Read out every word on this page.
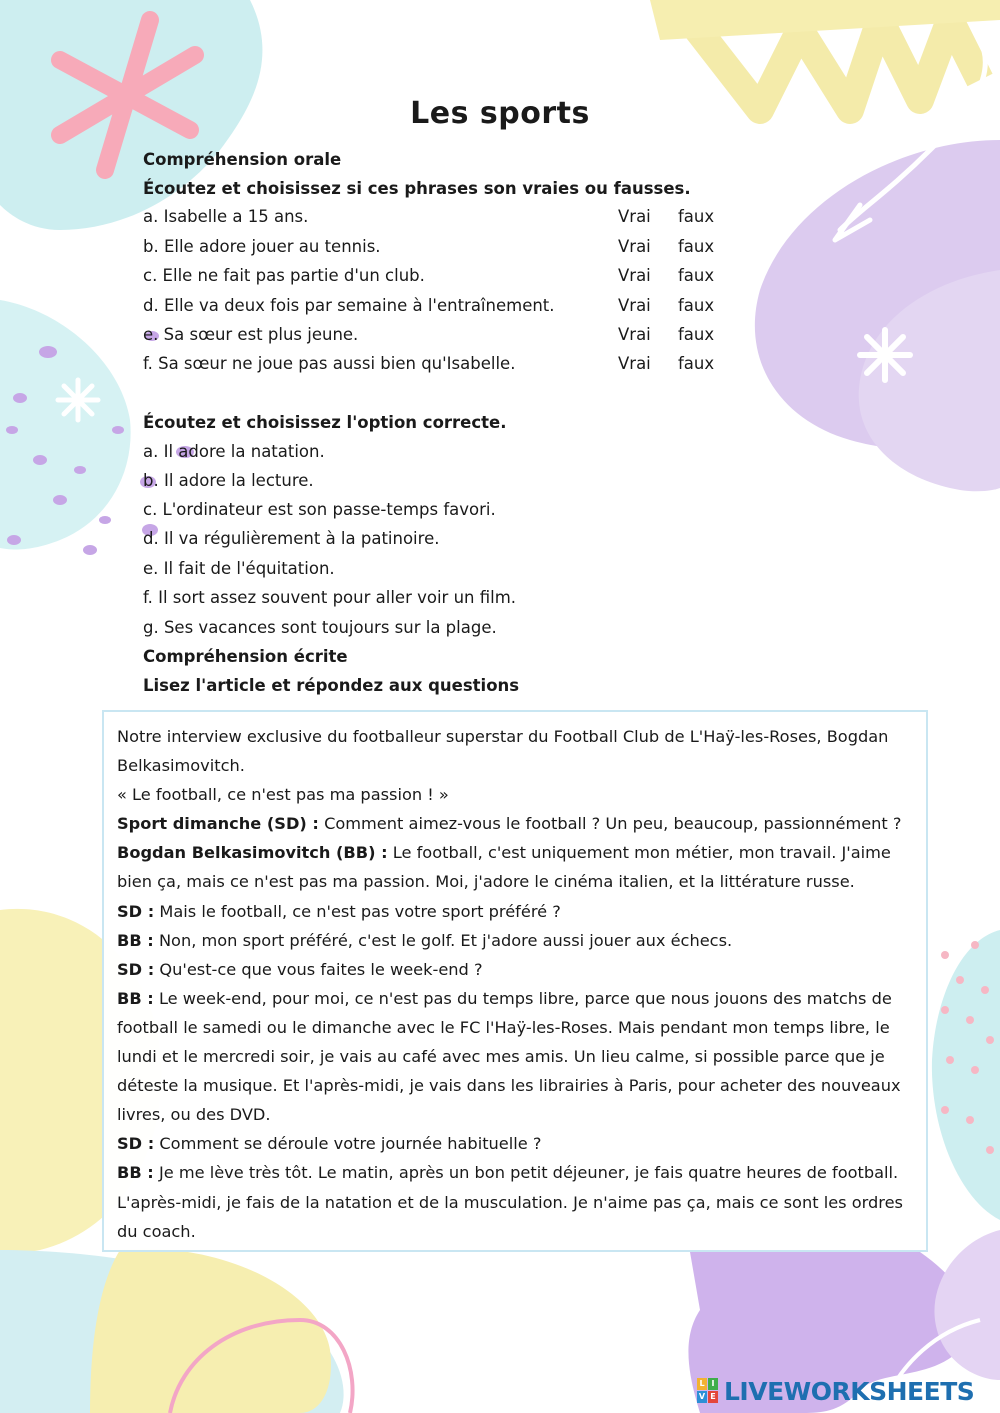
Les sports
Compréhension orale
Écoutez et choisissez si ces phrases son vraies ou fausses.
a. Isabelle a 15 ans.	Vrai faux
b. Elle adore jouer au tennis.	Vrai faux
c. Elle ne fait pas partie d'un club.	Vrai faux
d. Elle va deux fois par semaine à l'entraînement.	Vrai faux
e. Sa sœur est plus jeune.	Vrai faux
f. Sa sœur ne joue pas aussi bien qu'Isabelle.	Vrai faux
Écoutez et choisissez l'option correcte.
a. Il adore la natation.
b. Il adore la lecture.
c. L'ordinateur est son passe-temps favori.
d. Il va régulièrement à la patinoire.
e. Il fait de l'équitation.
f. Il sort assez souvent pour aller voir un film.
g. Ses vacances sont toujours sur la plage.
Compréhension écrite
Lisez l'article et répondez aux questions

Notre interview exclusive du footballeur superstar du Football Club de L'Haÿ-les-Roses, Bogdan Belkasimovitch.

« Le football, ce n'est pas ma passion ! »

Sport dimanche (SD) : Comment aimez-vous le football ? Un peu, beaucoup, passionnément ?

Bogdan Belkasimovitch (BB) : Le football, c'est uniquement mon métier, mon travail. J'aime bien ça, mais ce n'est pas ma passion. Moi, j'adore le cinéma italien, et la littérature russe.

SD : Mais le football, ce n'est pas votre sport préféré ?

BB : Non, mon sport préféré, c'est le golf. Et j'adore aussi jouer aux échecs.

SD : Qu'est-ce que vous faites le week-end ?

BB : Le week-end, pour moi, ce n'est pas du temps libre, parce que nous jouons des matchs de football le samedi ou le dimanche avec le FC l'Haÿ-les-Roses. Mais pendant mon temps libre, le lundi et le mercredi soir, je vais au café avec mes amis. Un lieu calme, si possible parce que je déteste la musique. Et l'après-midi, je vais dans les librairies à Paris, pour acheter des nouveaux livres, ou des DVD.

SD : Comment se déroule votre journée habituelle ?

BB : Je me lève très tôt. Le matin, après un bon petit déjeuner, je fais quatre heures de football. L'après-midi, je fais de la natation et de la musculation. Je n'aime pas ça, mais ce sont les ordres du coach.

L I
V E LIVEWORKSHEETS
